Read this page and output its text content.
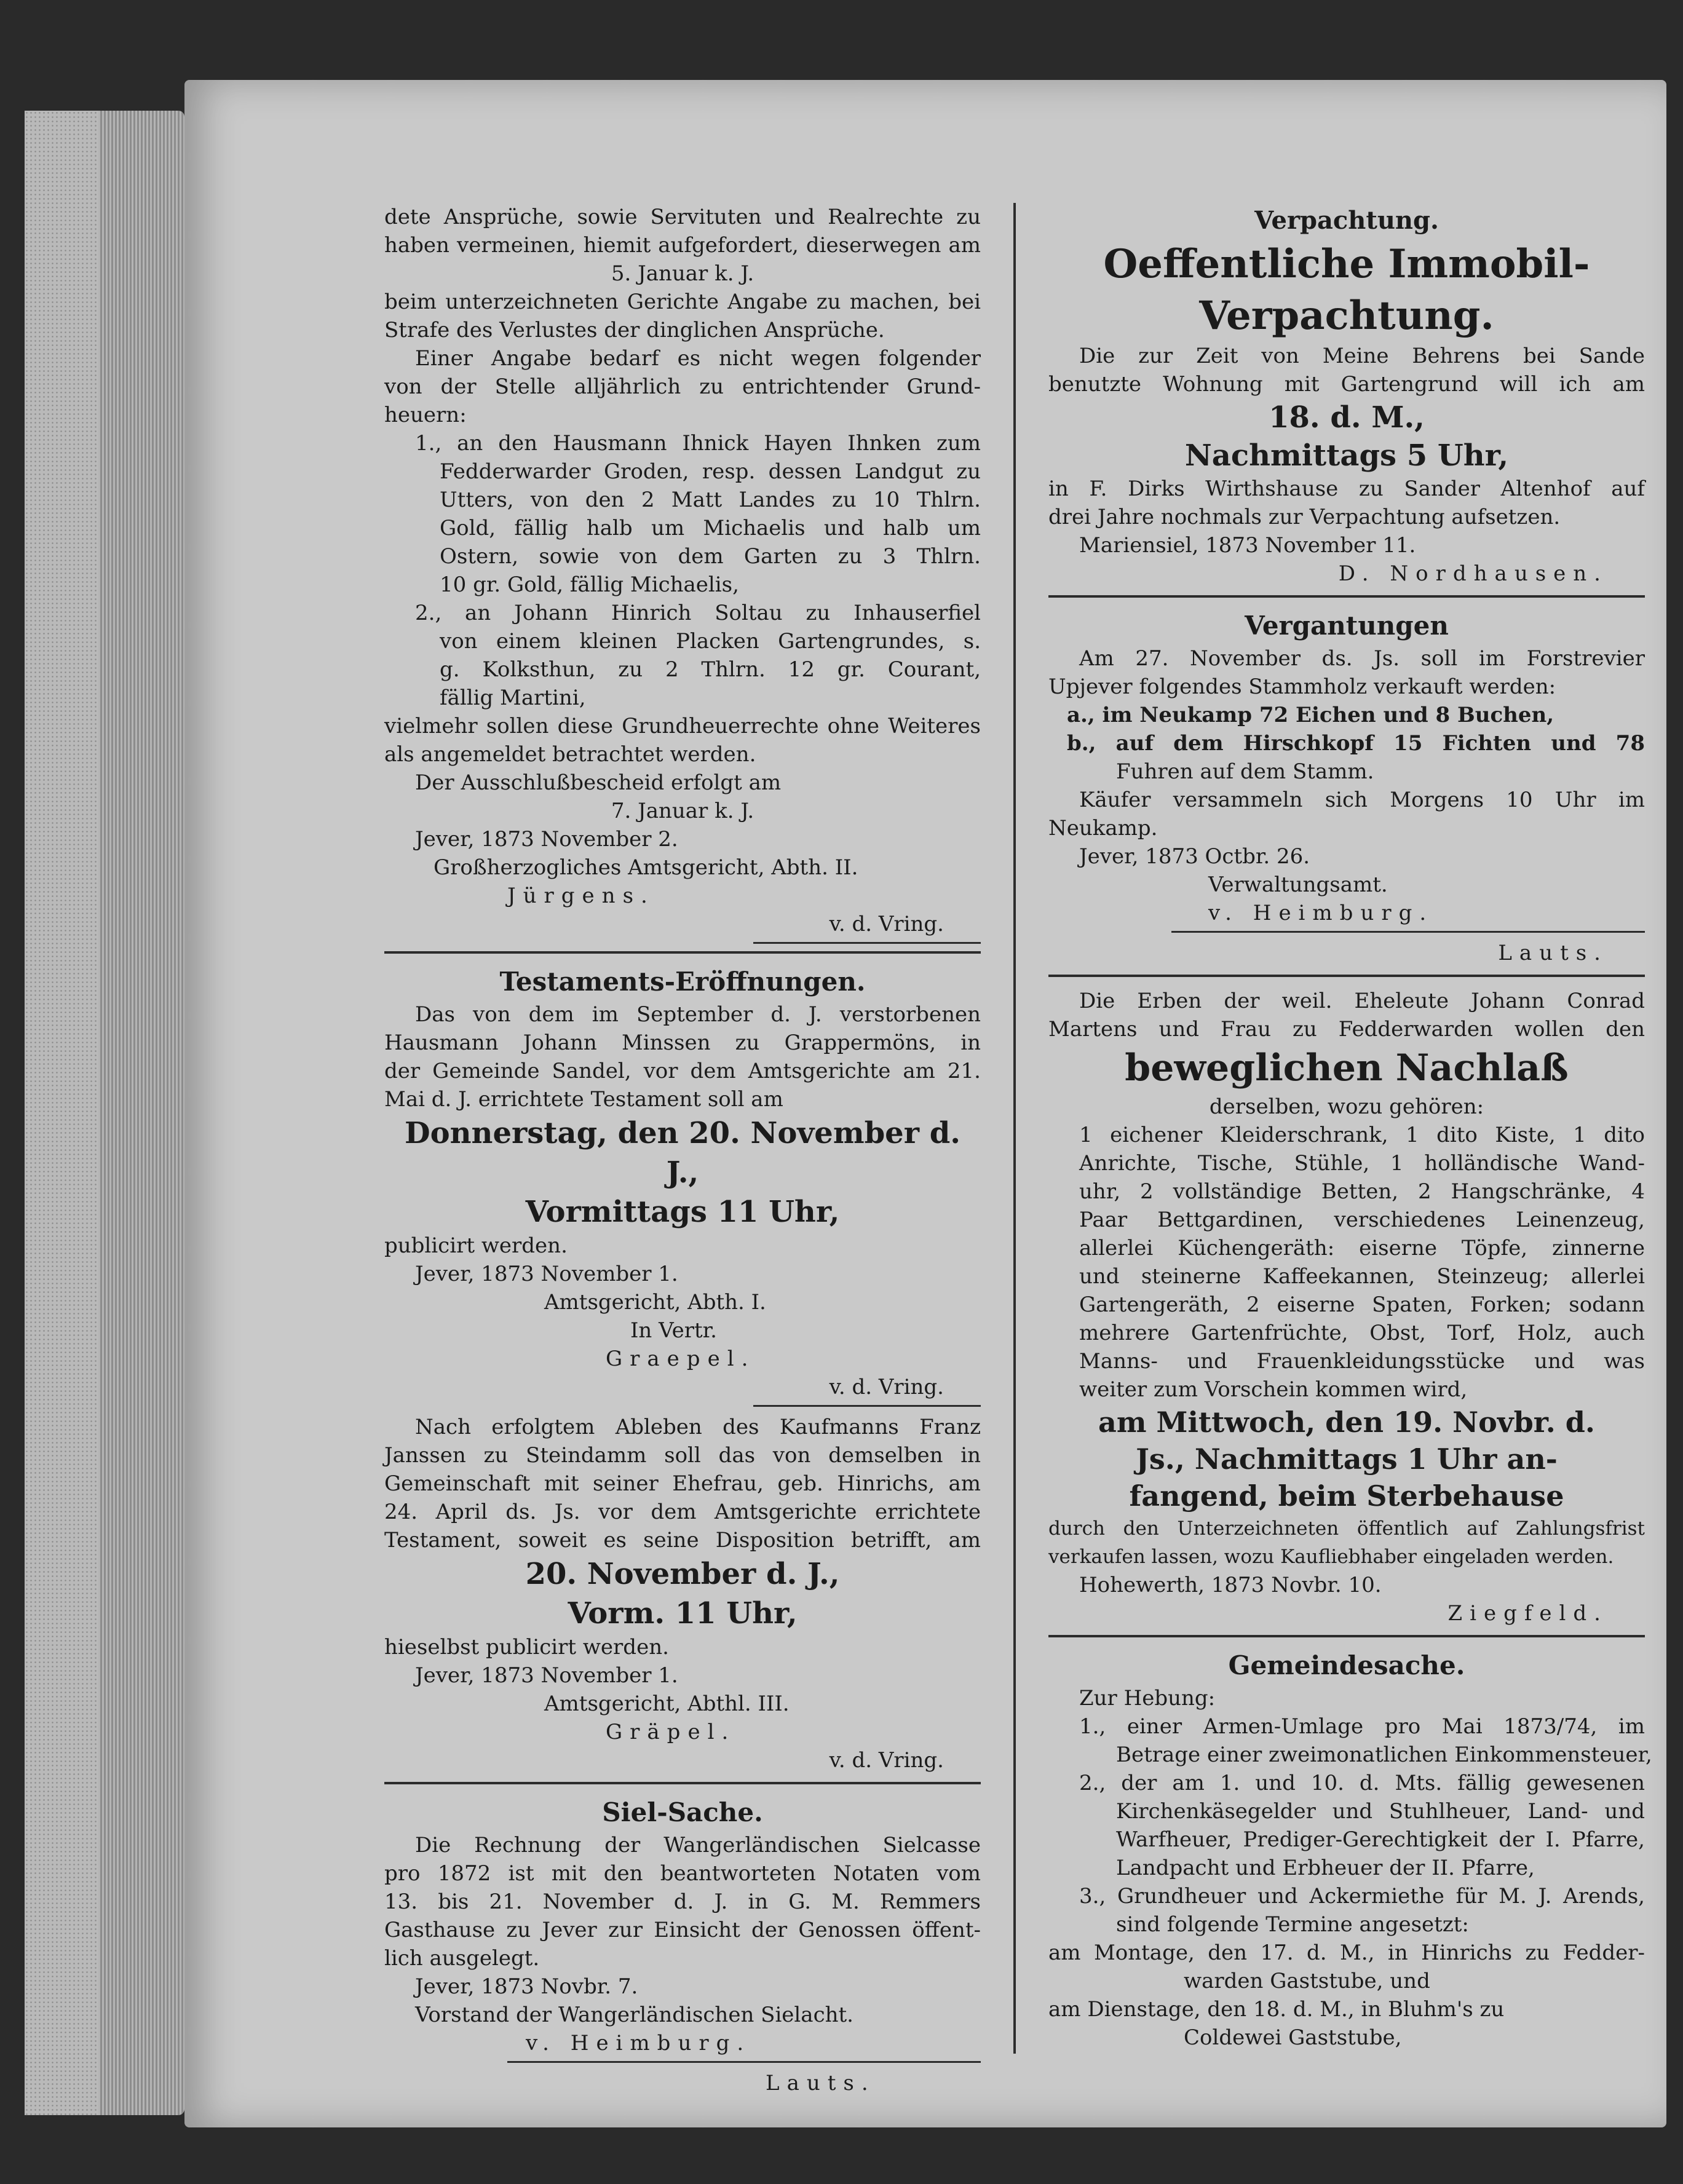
dete Ansprüche, sowie Servituten und Realrechte zu

haben vermeinen, hiemit aufgefordert, dieserwegen am

5. Januar k. J.

beim unterzeichneten Gerichte Angabe zu machen, bei

Strafe des Verlustes der dinglichen Ansprüche.

Einer Angabe bedarf es nicht wegen folgender

von der Stelle alljährlich zu entrichtender Grund-

heuern:

1., an den Hausmann Ihnick Hayen Ihnken zum

Fedderwarder Groden, resp. dessen Landgut zu

Utters, von den 2 Matt Landes zu 10 Thlrn.

Gold, fällig halb um Michaelis und halb um

Ostern, sowie von dem Garten zu 3 Thlrn.

10 gr. Gold, fällig Michaelis,

2., an Johann Hinrich Soltau zu Inhauserfiel

von einem kleinen Placken Gartengrundes, s.

g. Kolksthun, zu 2 Thlrn. 12 gr. Courant,

fällig Martini,

vielmehr sollen diese Grundheuerrechte ohne Weiteres

als angemeldet betrachtet werden.

Der Ausschlußbescheid erfolgt am

7. Januar k. J.

Jever, 1873 November 2.

Großherzogliches Amtsgericht, Abth. II.

Jürgens.

v. d. Vring.

Testaments-Eröffnungen.

Das von dem im September d. J. verstorbenen

Hausmann Johann Minssen zu Grappermöns, in

der Gemeinde Sandel, vor dem Amtsgerichte am 21.

Mai d. J. errichtete Testament soll am

Donnerstag, den 20. November d. J.,

Vormittags 11 Uhr,

publicirt werden.

Jever, 1873 November 1.

Amtsgericht, Abth. I.

In Vertr.

Graepel.

v. d. Vring.

Nach erfolgtem Ableben des Kaufmanns Franz

Janssen zu Steindamm soll das von demselben in

Gemeinschaft mit seiner Ehefrau, geb. Hinrichs, am

24. April ds. Js. vor dem Amtsgerichte errichtete

Testament, soweit es seine Disposition betrifft, am

20. November d. J.,

Vorm. 11 Uhr,

hieselbst publicirt werden.

Jever, 1873 November 1.

Amtsgericht, Abthl. III.

Gräpel.

v. d. Vring.

Siel-Sache.

Die Rechnung der Wangerländischen Sielcasse

pro 1872 ist mit den beantworteten Notaten vom

13. bis 21. November d. J. in G. M. Remmers

Gasthause zu Jever zur Einsicht der Genossen öffent-

lich ausgelegt.

Jever, 1873 Novbr. 7.

Vorstand der Wangerländischen Sielacht.

v. Heimburg.

Lauts.

Verpachtung.

Oeffentliche Immobil-

Verpachtung.

Die zur Zeit von Meine Behrens bei Sande

benutzte Wohnung mit Gartengrund will ich am

18. d. M.,

Nachmittags 5 Uhr,

in F. Dirks Wirthshause zu Sander Altenhof auf

drei Jahre nochmals zur Verpachtung aufsetzen.

Mariensiel, 1873 November 11.

D. Nordhausen.

Vergantungen

Am 27. November ds. Js. soll im Forstrevier

Upjever folgendes Stammholz verkauft werden:

a., im Neukamp 72 Eichen und 8 Buchen,

b., auf dem Hirschkopf 15 Fichten und 78

Fuhren auf dem Stamm.

Käufer versammeln sich Morgens 10 Uhr im

Neukamp.

Jever, 1873 Octbr. 26.

Verwaltungsamt.

v. Heimburg.

Lauts.

Die Erben der weil. Eheleute Johann Conrad

Martens und Frau zu Fedderwarden wollen den

beweglichen Nachlaß

derselben, wozu gehören:

1 eichener Kleiderschrank, 1 dito Kiste, 1 dito

Anrichte, Tische, Stühle, 1 holländische Wand-

uhr, 2 vollständige Betten, 2 Hangschränke, 4

Paar Bettgardinen, verschiedenes Leinenzeug,

allerlei Küchengeräth: eiserne Töpfe, zinnerne

und steinerne Kaffeekannen, Steinzeug; allerlei

Gartengeräth, 2 eiserne Spaten, Forken; sodann

mehrere Gartenfrüchte, Obst, Torf, Holz, auch

Manns- und Frauenkleidungsstücke und was

weiter zum Vorschein kommen wird,

am Mittwoch, den 19. Novbr. d.

Js., Nachmittags 1 Uhr an-

fangend, beim Sterbehause

durch den Unterzeichneten öffentlich auf Zahlungsfrist

verkaufen lassen, wozu Kaufliebhaber eingeladen werden.

Hohewerth, 1873 Novbr. 10.

Ziegfeld.

Gemeindesache.

Zur Hebung:

1., einer Armen-Umlage pro Mai 1873/74, im

Betrage einer zweimonatlichen Einkommensteuer,

2., der am 1. und 10. d. Mts. fällig gewesenen

Kirchenkäsegelder und Stuhlheuer, Land- und

Warfheuer, Prediger-Gerechtigkeit der I. Pfarre,

Landpacht und Erbheuer der II. Pfarre,

3., Grundheuer und Ackermiethe für M. J. Arends,

sind folgende Termine angesetzt:

am Montage, den 17. d. M., in Hinrichs zu Fedder-

warden Gaststube, und

am Dienstage, den 18. d. M., in Bluhm's zu

Coldewei Gaststube,
